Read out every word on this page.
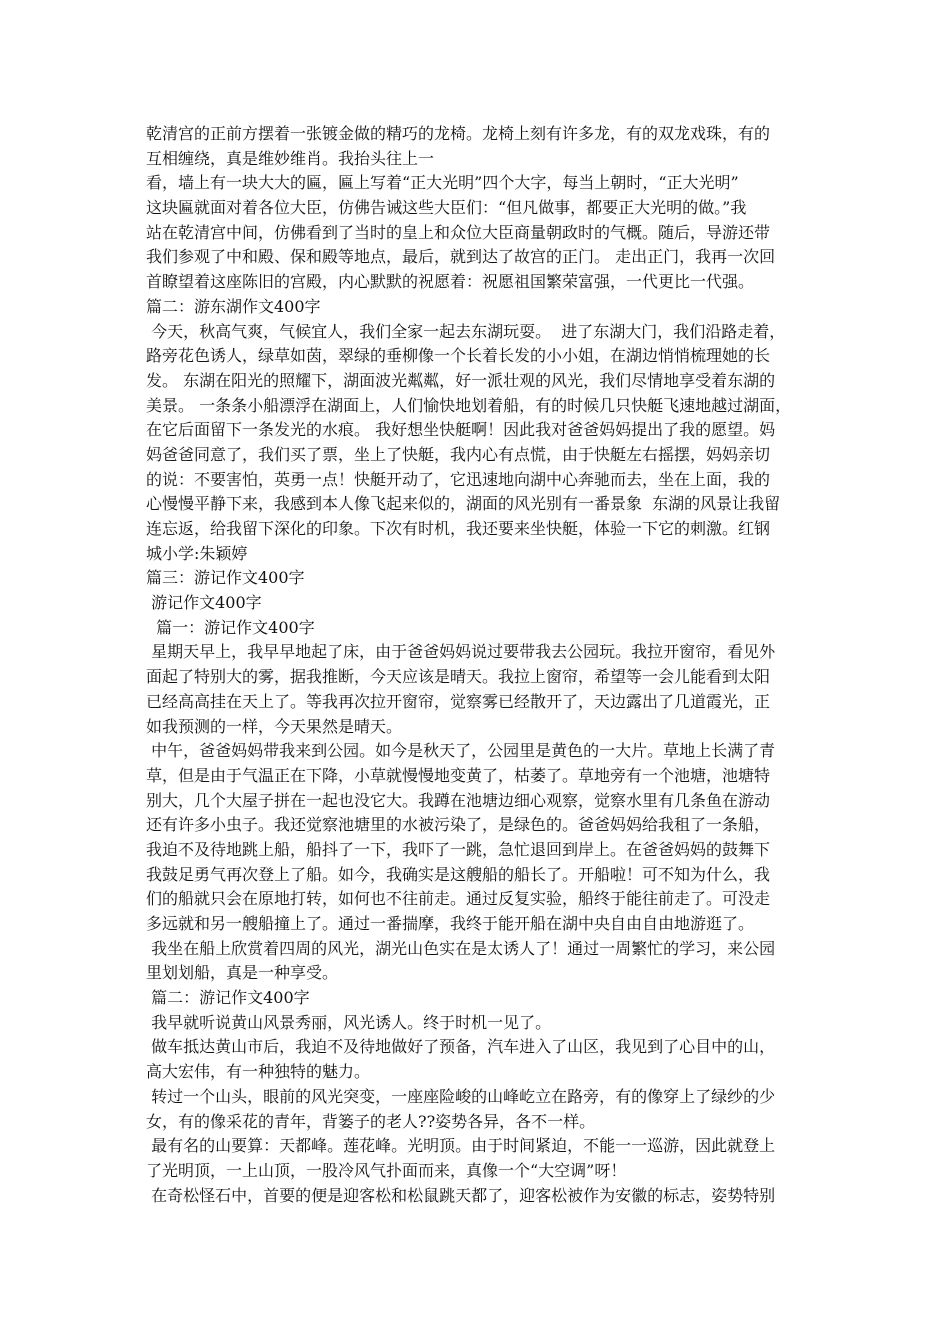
乾清宫的正前方摆着一张镀金做的精巧的龙椅。龙椅上刻有许多龙，有的双龙戏珠，有的
互相缠绕，真是维妙维肖。我抬头往上一
看，墙上有一块大大的匾，匾上写着“正大光明”四个大字，每当上朝时，“正大光明”
这块匾就面对着各位大臣，仿佛告诫这些大臣们：“但凡做事，都要正大光明的做。”我
站在乾清宫中间，仿佛看到了当时的皇上和众位大臣商量朝政时的气概。随后，导游还带
我们参观了中和殿、保和殿等地点，最后，就到达了故宫的正门。 走出正门，我再一次回
首瞭望着这座陈旧的宫殿，内心默默的祝愿着：祝愿祖国繁荣富强，一代更比一代强。
篇二：游东湖作文400字
今天，秋高气爽，气候宜人，我们全家一起去东湖玩耍。  进了东湖大门，我们沿路走着，
路旁花色诱人，绿草如茵，翠绿的垂柳像一个长着长发的小小姐，在湖边悄悄梳理她的长
发。 东湖在阳光的照耀下，湖面波光粼粼，好一派壮观的风光，我们尽情地享受着东湖的
美景。 一条条小船漂浮在湖面上，人们愉快地划着船，有的时候几只快艇飞速地越过湖面，
在它后面留下一条发光的水痕。 我好想坐快艇啊！因此我对爸爸妈妈提出了我的愿望。妈
妈爸爸同意了，我们买了票，坐上了快艇，我内心有点慌，由于快艇左右摇摆，妈妈亲切
的说：不要害怕，英勇一点！快艇开动了，它迅速地向湖中心奔驰而去，坐在上面，我的
心慢慢平静下来，我感到本人像飞起来似的，湖面的风光别有一番景象  东湖的风景让我留
连忘返，给我留下深化的印象。下次有时机，我还要来坐快艇，体验一下它的刺激。红钢
城小学:朱颖婷
篇三：游记作文400字
游记作文400字
篇一：游记作文400字
星期天早上，我早早地起了床，由于爸爸妈妈说过要带我去公园玩。我拉开窗帘，看见外
面起了特别大的雾，据我推断，今天应该是晴天。我拉上窗帘，希望等一会儿能看到太阳
已经高高挂在天上了。等我再次拉开窗帘，觉察雾已经散开了，天边露出了几道霞光，正
如我预测的一样，今天果然是晴天。
中午，爸爸妈妈带我来到公园。如今是秋天了，公园里是黄色的一大片。草地上长满了青
草，但是由于气温正在下降，小草就慢慢地变黄了，枯萎了。草地旁有一个池塘，池塘特
别大，几个大屋子拼在一起也没它大。我蹲在池塘边细心观察，觉察水里有几条鱼在游动
还有许多小虫子。我还觉察池塘里的水被污染了，是绿色的。爸爸妈妈给我租了一条船，
我迫不及待地跳上船，船抖了一下，我吓了一跳，急忙退回到岸上。在爸爸妈妈的鼓舞下
我鼓足勇气再次登上了船。如今，我确实是这艘船的船长了。开船啦！可不知为什么，我
们的船就只会在原地打转，如何也不往前走。通过反复实验，船终于能往前走了。可没走
多远就和另一艘船撞上了。通过一番揣摩，我终于能开船在湖中央自由自由地游逛了。
我坐在船上欣赏着四周的风光，湖光山色实在是太诱人了！通过一周繁忙的学习，来公园
里划划船，真是一种享受。
篇二：游记作文400字
我早就听说黄山风景秀丽，风光诱人。终于时机一见了。
做车抵达黄山市后，我迫不及待地做好了预备，汽车进入了山区，我见到了心目中的山，
高大宏伟，有一种独特的魅力。
转过一个山头，眼前的风光突变，一座座险峻的山峰屹立在路旁，有的像穿上了绿纱的少
女，有的像采花的青年，背篓子的老人??姿势各异，各不一样。
最有名的山要算：天都峰。莲花峰。光明顶。由于时间紧迫，不能一一巡游，因此就登上
了光明顶，一上山顶，一股冷风气扑面而来，真像一个“大空调”呀！
在奇松怪石中，首要的便是迎客松和松鼠跳天都了，迎客松被作为安徽的标志，姿势特别
